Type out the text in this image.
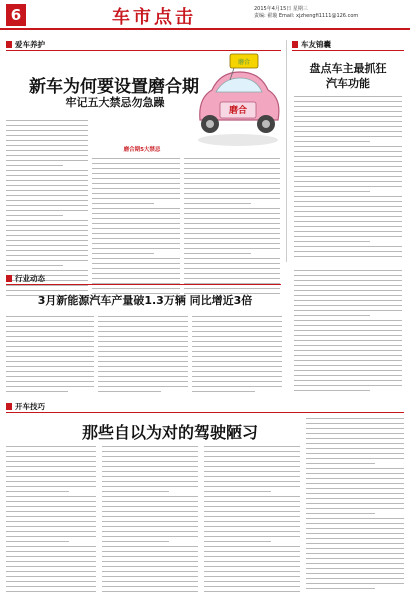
6	车市点击	2015年4月15日 星期三
责编: 翟璇 Email: xjzhengfi1111@126.com
爱车养护
新车为何要设置磨合期
牢记五大禁忌勿急躁
磨合
磨合
磨合期5大禁忌
车友锦囊
盘点车主最抓狂
汽车功能
行业动态
3月新能源汽车产量破1.3万辆 同比增近3倍
开车技巧
那些自以为对的驾驶陋习
